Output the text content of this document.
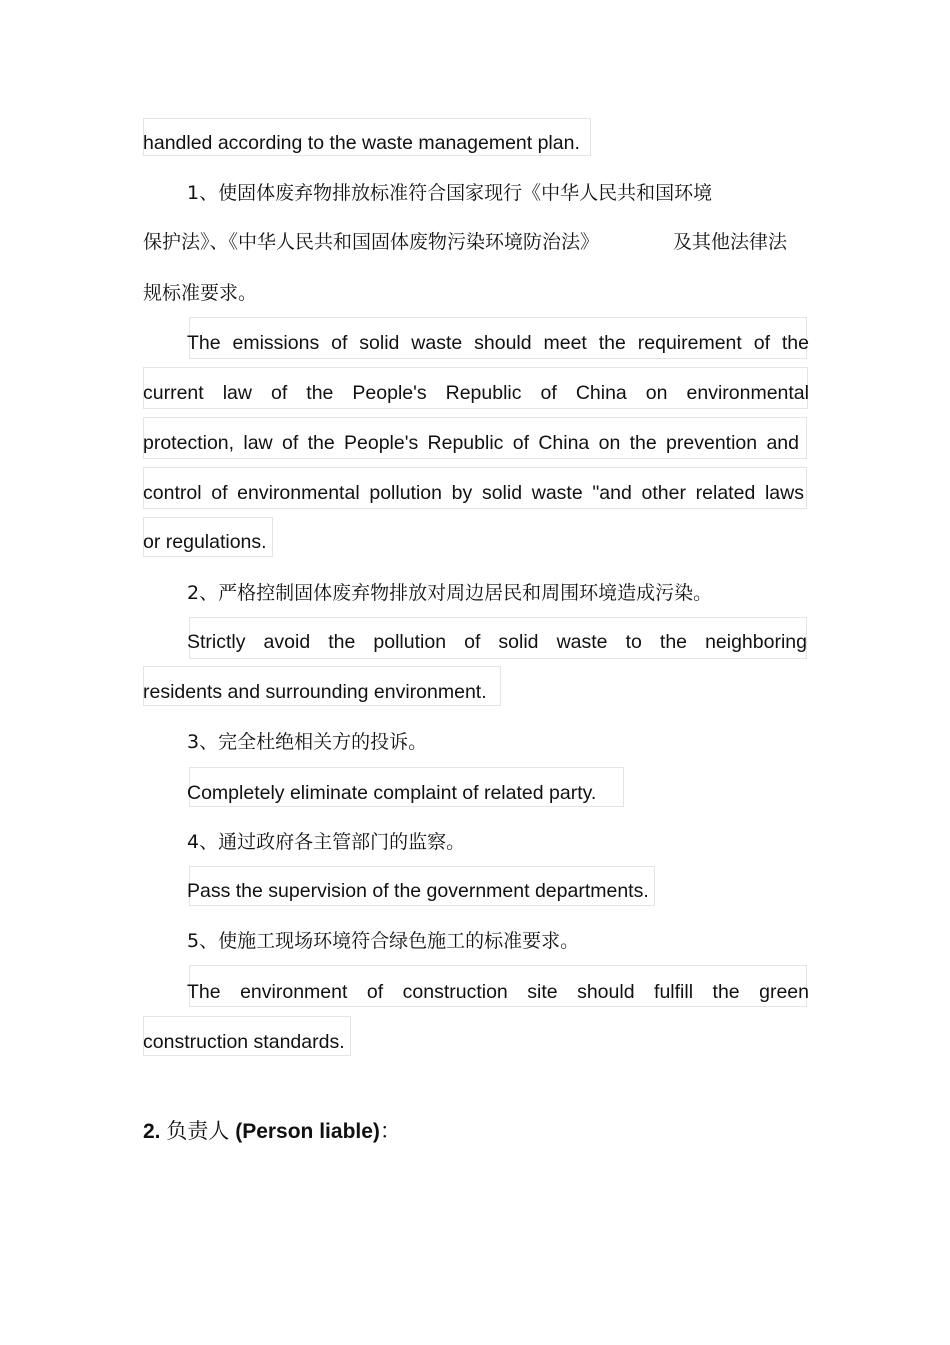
handled according to the waste management plan.
1、使固体废弃物排放标准符合国家现行《中华人民共和国环境
保护法》、《中华人民共和国固体废物污染环境防治法》	及其他法律法
规标准要求。
The emissions of solid waste should meet the requirement of the
current law of the People's Republic of China on environmental
protection, law of the People's Republic of China on the prevention and
control of environmental pollution by solid waste "and other related laws
or regulations.
2、严格控制固体废弃物排放对周边居民和周围环境造成污染。
Strictly avoid the pollution of solid waste to the neighboring
residents and surrounding environment.
3、完全杜绝相关方的投诉。
Completely eliminate complaint of related party.
4、通过政府各主管部门的监察。
Pass the supervision of the government departments.
5、使施工现场环境符合绿色施工的标准要求。
The environment of construction site should fulfill the green
construction standards.
2. 负责人 (Person liable)：
